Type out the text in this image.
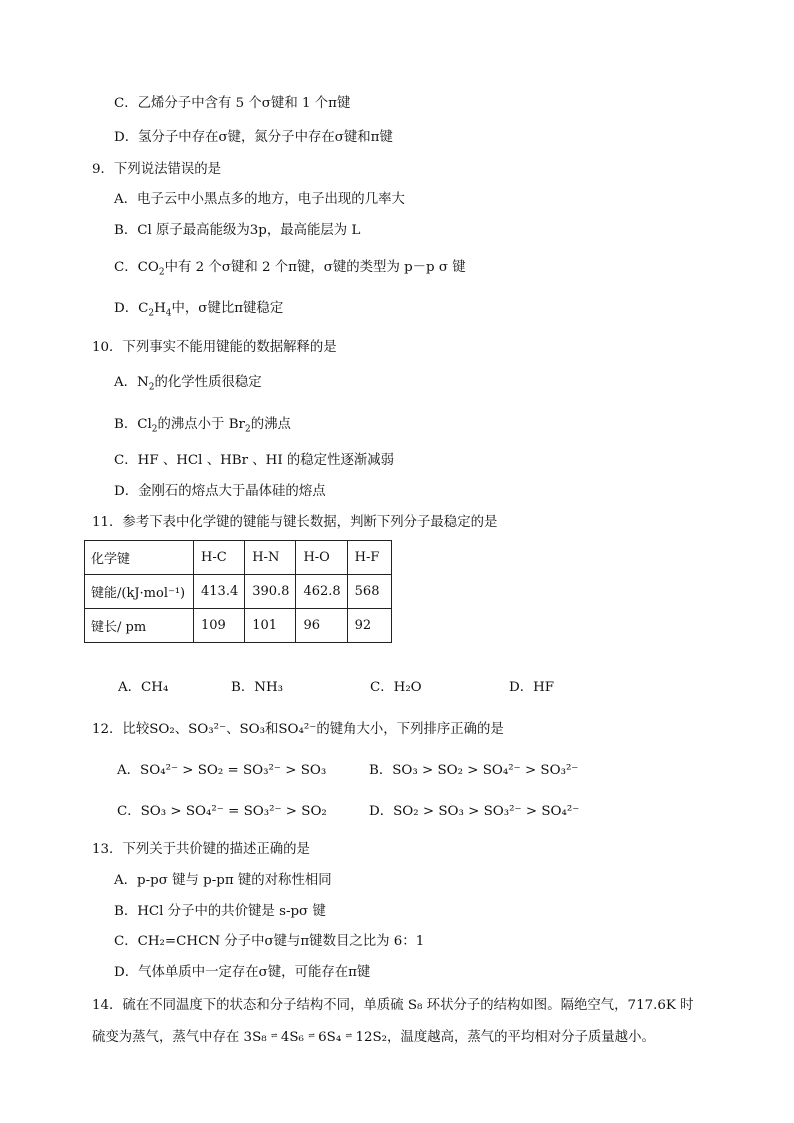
C．乙烯分子中含有 5 个σ键和 1 个π键
D．氢分子中存在σ键，氮分子中存在σ键和π键
9．下列说法错误的是
A．电子云中小黑点多的地方，电子出现的几率大
B．Cl 原子最高能级为3p，最高能层为 L
C．$CO_2$中有 2 个σ键和 2 个π键，σ键的类型为 p－p σ 键
D．$C_2H_4$中，σ键比π键稳定
10．下列事实不能用键能的数据解释的是
A．$N_2$的化学性质很稳定
B．$Cl_2$的沸点小于 $Br_2$的沸点
C．HF 、HCl 、HBr 、HI 的稳定性逐渐减弱
D．金刚石的熔点大于晶体硅的熔点
11．参考下表中化学键的键能与键长数据，判断下列分子最稳定的是
化学键	H-C	H-N	H-O	H-F
键能/(kJ·mol⁻¹)	413.4	390.8	462.8	568
键长/ pm	109	101	96	92
A．CH₄	B．NH₃	C．H₂O	D．HF
12．比较SO₂、SO₃²⁻、SO₃和SO₄²⁻的键角大小，下列排序正确的是
A．SO₄²⁻ > SO₂ = SO₃²⁻ > SO₃	B．SO₃ > SO₂ > SO₄²⁻ > SO₃²⁻
C．SO₃ > SO₄²⁻ = SO₃²⁻ > SO₂	D．SO₂ > SO₃ > SO₃²⁻ > SO₄²⁻
13．下列关于共价键的描述正确的是
A．p-pσ 键与 p-pπ 键的对称性相同
B．HCl 分子中的共价键是 s-pσ 键
C．CH₂=CHCN 分子中σ键与π键数目之比为 6：1
D．气体单质中一定存在σ键，可能存在π键
14．硫在不同温度下的状态和分子结构不同，单质硫 S₈ 环状分子的结构如图。隔绝空气，717.6K 时
硫变为蒸气，蒸气中存在 3S₈ ⇌ 4S₆ ⇌ 6S₄ ⇌ 12S₂，温度越高，蒸气的平均相对分子质量越小。
